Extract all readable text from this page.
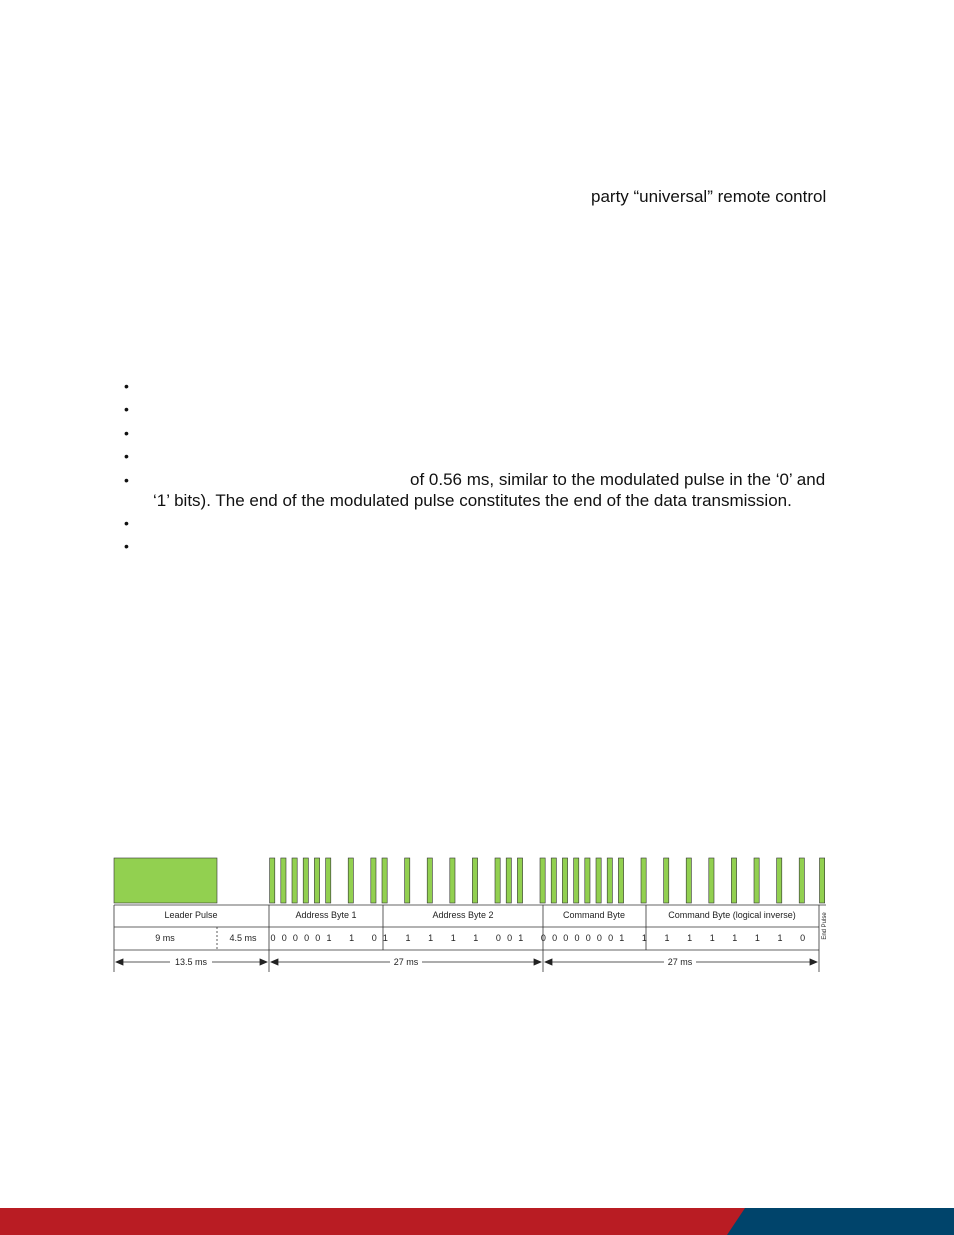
party “universal” remote control
•
•
•
•
•	of 0.56 ms, similar to the modulated pulse in the ‘0’ and
‘1’ bits). The end of the modulated pulse constitutes the end of the data transmission.
•
•
Leader Pulse	Address Byte 1	Address Byte 2	Command Byte	Command Byte (logical inverse)	End Pulse
9 ms	4.5 ms 0 0 0 0 0 1 1 0 1 1 1 1 1 0 0 1 0 0 0 0 0 0 0 1 1 1 1 1 1 1 1 0
13.5 ms	27 ms	27 ms
